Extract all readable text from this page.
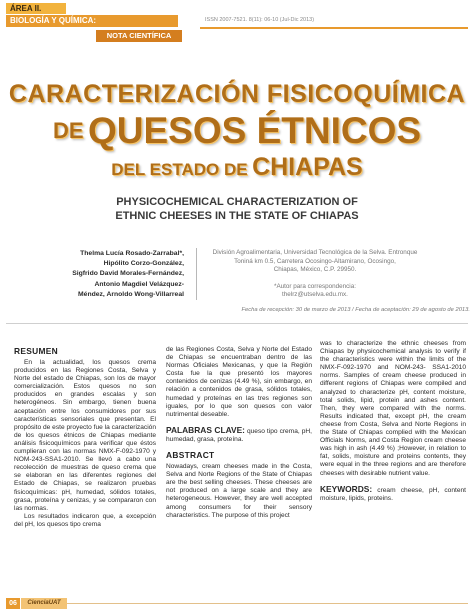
ÁREA II.
BIOLOGÍA Y QUÍMICA:
NOTA CIENTÍFICA
ISSN 2007-7521. 8(11): 06-10 (Jul-Dic 2013)
CARACTERIZACIÓN FISICOQUÍMICA
DE QUESOS ÉTNICOS
DEL ESTADO DE CHIAPAS
PHYSICOCHEMICAL CHARACTERIZATION OF
ETHNIC CHEESES IN THE STATE OF CHIAPAS
Thelma Lucía Rosado-Zarrabal*,
Hipólito Corzo-González,
Sigfrido David Morales-Fernández,
Antonio Magdiel Velázquez-
Méndez, Arnoldo Wong-Villarreal
División Agroalimentaria, Universidad Tecnológica de la Selva. Entronque
Toniná km 0.5, Carretera Ocosingo-Altamirano, Ocosingo,
Chiapas, México, C.P. 29950.
*Autor para correspondencia:
thelrz@utselva.edu.mx.
Fecha de recepción: 30 de marzo de 2013 / Fecha de aceptación: 29 de agosto de 2013.
RESUMEN

En la actualidad, los quesos crema producidos en las Regiones Costa, Selva y Norte del estado de Chiapas, son los de mayor comercialización. Estos quesos no son producidos en grandes escalas y son heterogéneos. Sin embargo, tienen buena aceptación entre los consumidores por sus características sensoriales que presentan. El propósito de este proyecto fue la caracterización de los quesos étnicos de Chiapas mediante análisis fisicoquímicos para verificar que éstos cumplieran con las normas NMX-F-092-1970 y NOM-243-SSA1-2010. Se llevó a cabo una recolección de muestras de queso crema que se elaboran en las diferentes regiones del Estado de Chiapas, se realizaron pruebas fisicoquímicas: pH, humedad, sólidos totales, grasa, proteína y cenizas, y se compararon con las normas.

Los resultados indicaron que, a excepción del pH, los quesos tipo crema

de las Regiones Costa, Selva y Norte del Estado de Chiapas se encuentraban dentro de las Normas Oficiales Mexicanas, y que la Región Costa fue la que presentó los mayores contenidos de cenizas (4.49 %), sin embargo, en relación a contenidos de grasa, sólidos totales, humedad y proteínas en las tres regiones son iguales, por lo que son quesos con valor nutrimental deseable.

PALABRAS CLAVE: queso tipo crema, pH, humedad, grasa, proteína.

ABSTRACT

Nowadays, cream cheeses made in the Costa, Selva and Norte Regions of the State of Chiapas are the best selling cheeses. These cheeses are not produced on a large scale and they are heterogeneous. However, they are well accepted among consumers for their sensory characteristics. The purpose of this project

was to characterize the ethnic cheeses from Chiapas by physicochemical analysis to verify if the characteristics were within the limits of the NMX-F-092-1970 and NOM-243- SSA1-2010 norms. Samples of cream cheese produced in different regions of Chiapas were compiled and analyzed to characterize pH, content moisture, total solids, lipid, protein and ashes content. Then, they were compared with the norms. Results indicated that, except pH, the cream cheese from Costa, Selva and Norte Regions in the State of Chiapas complied with the Mexican Officials Norms, and Costa Region cream cheese was high in ash (4.49 %) ;However, in relation to fat, solids, moisture and proteins contents, they were equal in the three regions and are therefore cheeses with desirable nutrient value.

KEYWORDS: cream cheese, pH, content moisture, lipids, proteins.

06	CienciaUAT
